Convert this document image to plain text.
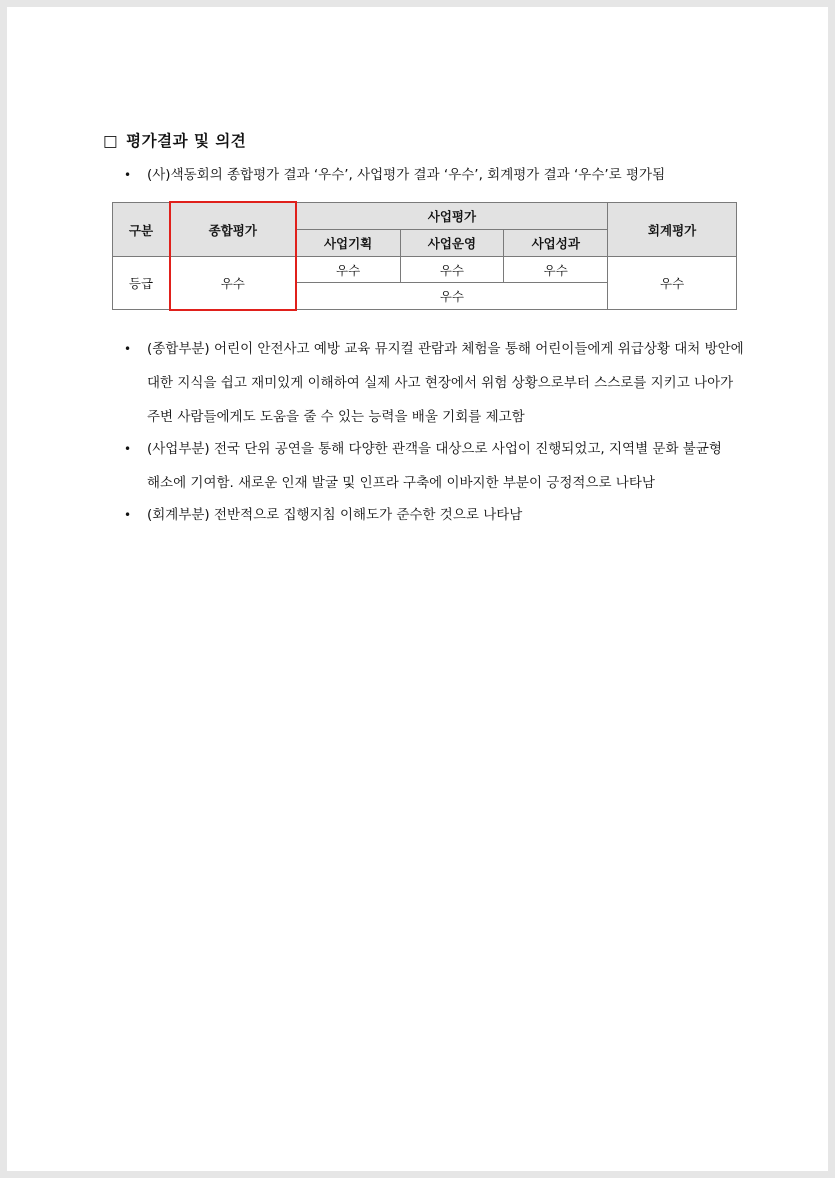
□ 평가결과 및 의견
• (사)색동회의 종합평가 결과 ‘우수’, 사업평가 결과 ‘우수’, 회계평가 결과 ‘우수’로 평가됨
구분	종합평가	사업평가			회계평가
		사업기획	사업운영	사업성과	
등급	우수	우수	우수	우수	우수
		우수			
• (종합부분) 어린이 안전사고 예방 교육 뮤지컬 관람과 체험을 통해 어린이들에게 위급상황 대처 방안에
대한 지식을 쉽고 재미있게 이해하여 실제 사고 현장에서 위험 상황으로부터 스스로를 지키고 나아가
주변 사람들에게도 도움을 줄 수 있는 능력을 배울 기회를 제고함
• (사업부분) 전국 단위 공연을 통해 다양한 관객을 대상으로 사업이 진행되었고, 지역별 문화 불균형
해소에 기여함. 새로운 인재 발굴 및 인프라 구축에 이바지한 부분이 긍정적으로 나타남
• (회계부분) 전반적으로 집행지침 이해도가 준수한 것으로 나타남
